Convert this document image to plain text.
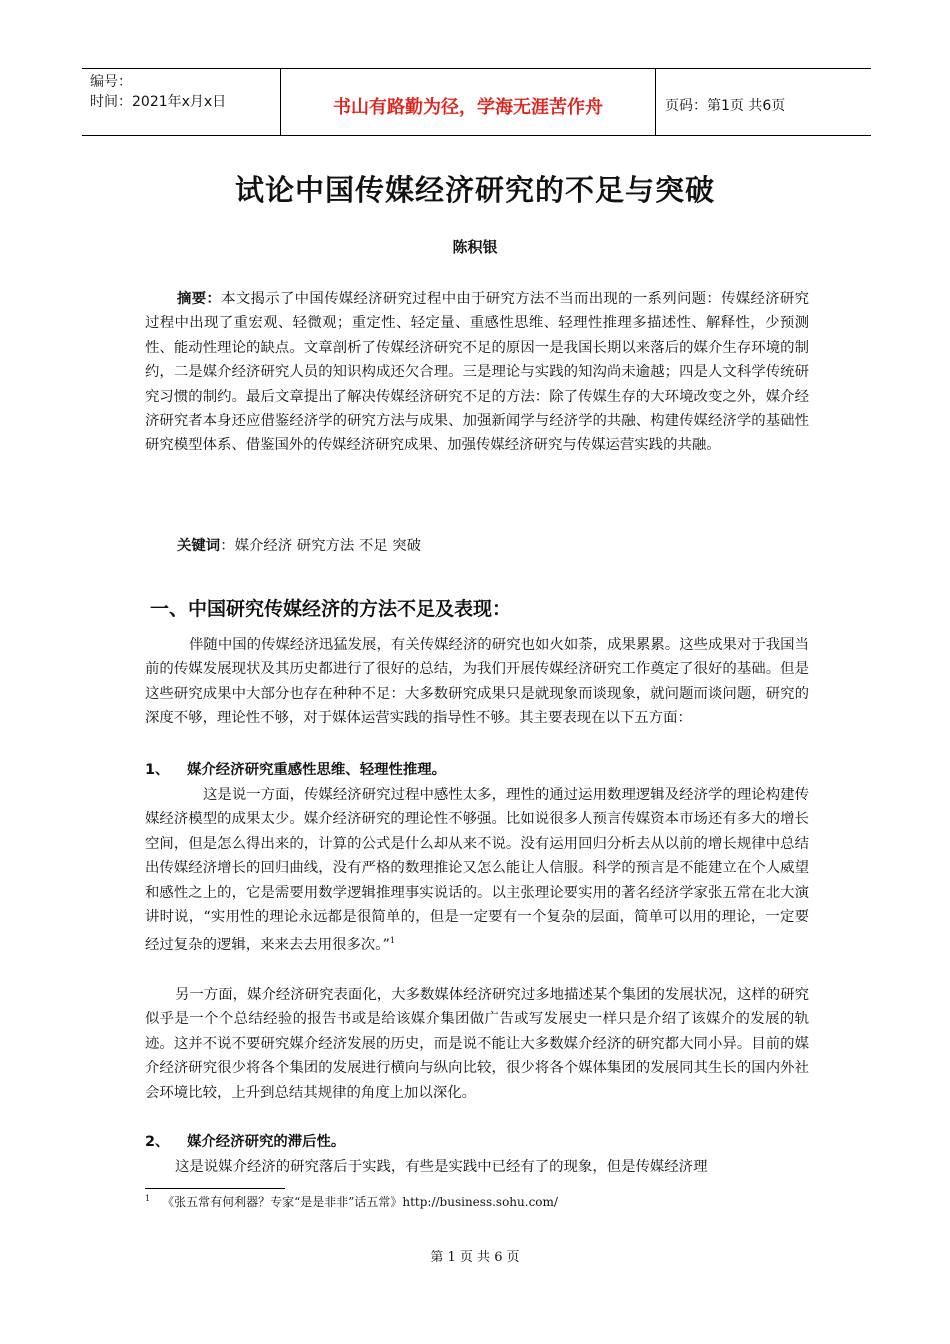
编号：
时间：2021年x月x日	书山有路勤为径，学海无涯苦作舟	页码：第1页 共6页
试论中国传媒经济研究的不足与突破
陈积银

摘要：本文揭示了中国传媒经济研究过程中由于研究方法不当而出现的一系列问题：传媒经济研究过程中出现了重宏观、轻微观；重定性、轻定量、重感性思维、轻理性推理多描述性、解释性，少预测性、能动性理论的缺点。文章剖析了传媒经济研究不足的原因一是我国长期以来落后的媒介生存环境的制约，二是媒介经济研究人员的知识构成还欠合理。三是理论与实践的知沟尚未逾越；四是人文科学传统研究习惯的制约。最后文章提出了解决传媒经济研究不足的方法：除了传媒生存的大环境改变之外，媒介经济研究者本身还应借鉴经济学的研究方法与成果、加强新闻学与经济学的共融、构建传媒经济学的基础性研究模型体系、借鉴国外的传媒经济研究成果、加强传媒经济研究与传媒运营实践的共融。

关键词：媒介经济 研究方法 不足 突破
一、中国研究传媒经济的方法不足及表现：

伴随中国的传媒经济迅猛发展，有关传媒经济的研究也如火如荼，成果累累。这些成果对于我国当前的传媒发展现状及其历史都进行了很好的总结，为我们开展传媒经济研究工作奠定了很好的基础。但是这些研究成果中大部分也存在种种不足：大多数研究成果只是就现象而谈现象，就问题而谈问题，研究的深度不够，理论性不够，对于媒体运营实践的指导性不够。其主要表现在以下五方面：

1、 媒介经济研究重感性思维、轻理性推理。

这是说一方面，传媒经济研究过程中感性太多，理性的通过运用数理逻辑及经济学的理论构建传媒经济模型的成果太少。媒介经济研究的理论性不够强。比如说很多人预言传媒资本市场还有多大的增长空间，但是怎么得出来的，计算的公式是什么却从来不说。没有运用回归分析去从以前的增长规律中总结出传媒经济增长的回归曲线，没有严格的数理推论又怎么能让人信服。科学的预言是不能建立在个人威望和感性之上的，它是需要用数学逻辑推理事实说话的。以主张理论要实用的著名经济学家张五常在北大演讲时说，“实用性的理论永远都是很简单的，但是一定要有一个复杂的层面，简单可以用的理论，一定要经过复杂的逻辑，来来去去用很多次。”$^1$

另一方面，媒介经济研究表面化，大多数媒体经济研究过多地描述某个集团的发展状况，这样的研究似乎是一个个总结经验的报告书或是给该媒介集团做广告或写发展史一样只是介绍了该媒介的发展的轨迹。这并不说不要研究媒介经济发展的历史，而是说不能让大多数媒介经济的研究都大同小异。目前的媒介经济研究很少将各个集团的发展进行横向与纵向比较，很少将各个媒体集团的发展同其生长的国内外社会环境比较，上升到总结其规律的角度上加以深化。

2、 媒介经济研究的滞后性。

这是说媒介经济的研究落后于实践，有些是实践中已经有了的现象，但是传媒经济理

$^1$ 《张五常有何利器？专家“是是非非”话五常》http://business.sohu.com/
第 1 页 共 6 页
